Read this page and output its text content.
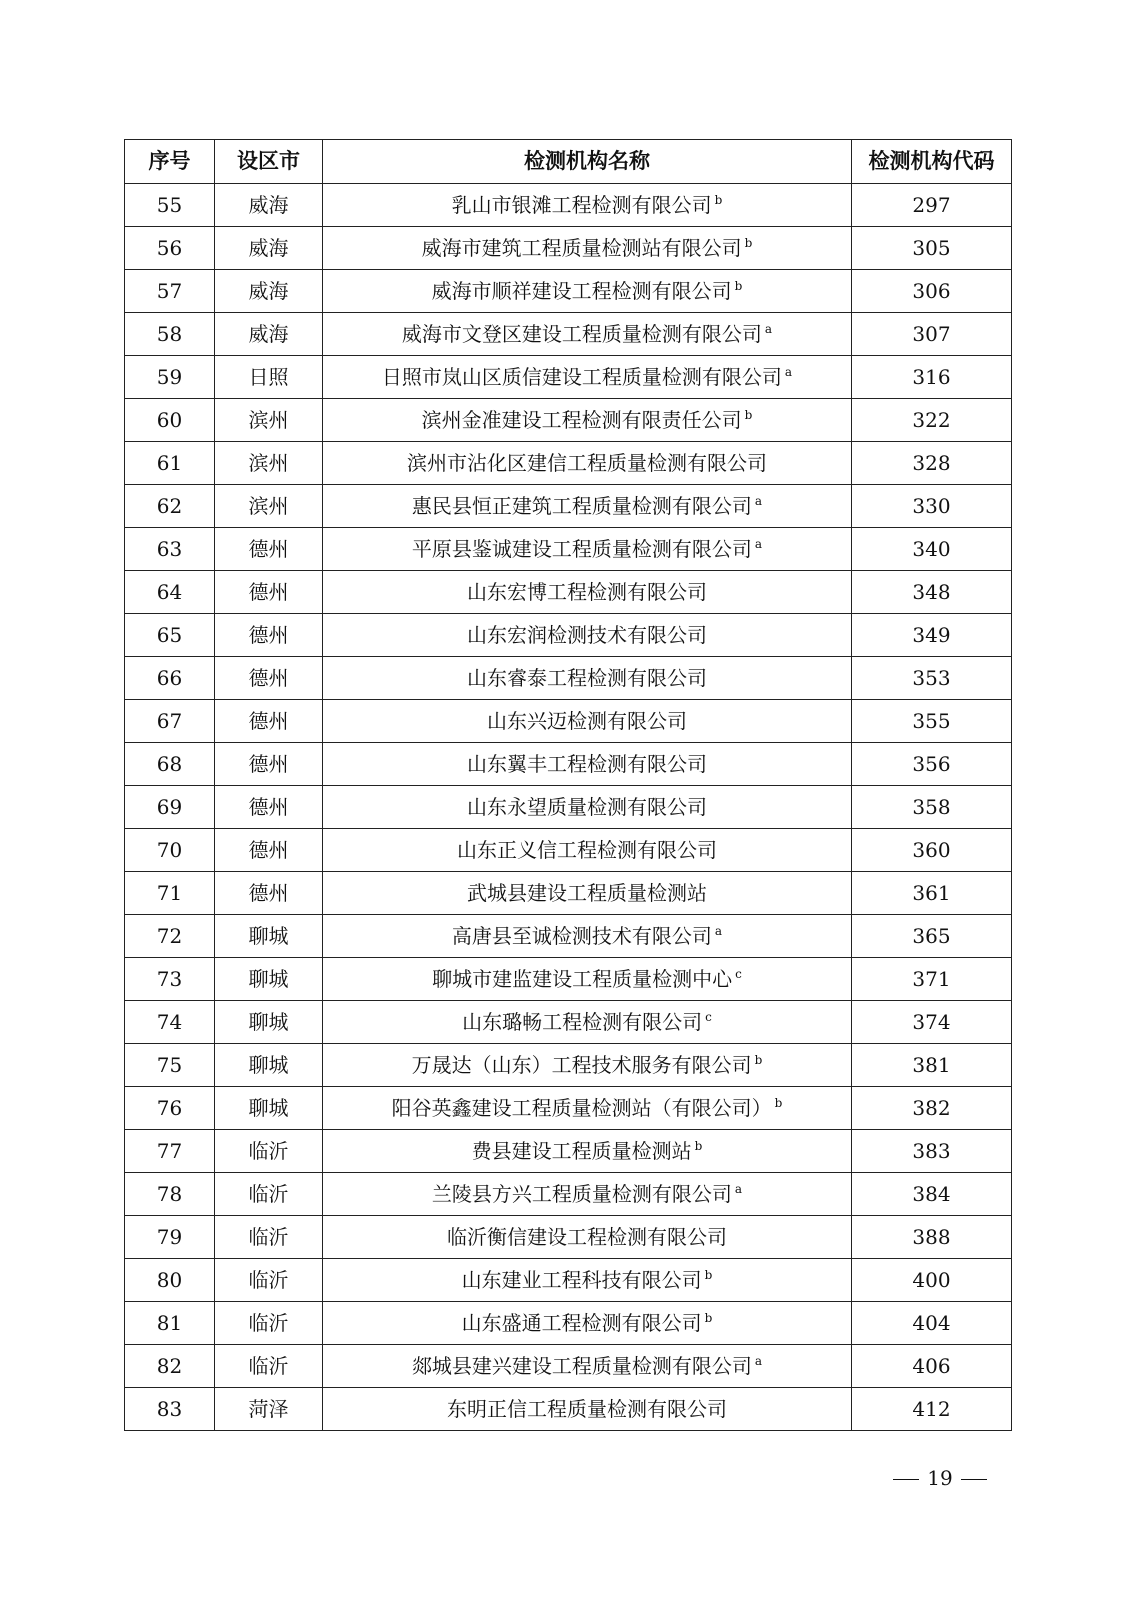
序号	设区市	检测机构名称	检测机构代码
55	威海	乳山市银滩工程检测有限公司 $^b$	297
56	威海	威海市建筑工程质量检测站有限公司 $^b$	305
57	威海	威海市顺祥建设工程检测有限公司 $^b$	306
58	威海	威海市文登区建设工程质量检测有限公司 $^a$	307
59	日照	日照市岚山区质信建设工程质量检测有限公司 $^a$	316
60	滨州	滨州金准建设工程检测有限责任公司 $^b$	322
61	滨州	滨州市沾化区建信工程质量检测有限公司	328
62	滨州	惠民县恒正建筑工程质量检测有限公司 $^a$	330
63	德州	平原县鉴诚建设工程质量检测有限公司 $^a$	340
64	德州	山东宏博工程检测有限公司	348
65	德州	山东宏润检测技术有限公司	349
66	德州	山东睿泰工程检测有限公司	353
67	德州	山东兴迈检测有限公司	355
68	德州	山东翼丰工程检测有限公司	356
69	德州	山东永望质量检测有限公司	358
70	德州	山东正义信工程检测有限公司	360
71	德州	武城县建设工程质量检测站	361
72	聊城	高唐县至诚检测技术有限公司 $^a$	365
73	聊城	聊城市建监建设工程质量检测中心 $^c$	371
74	聊城	山东璐畅工程检测有限公司 $^c$	374
75	聊城	万晟达（山东）工程技术服务有限公司 $^b$	381
76	聊城	阳谷英鑫建设工程质量检测站（有限公司） $^b$	382
77	临沂	费县建设工程质量检测站 $^b$	383
78	临沂	兰陵县方兴工程质量检测有限公司 $^a$	384
79	临沂	临沂衡信建设工程检测有限公司	388
80	临沂	山东建业工程科技有限公司 $^b$	400
81	临沂	山东盛通工程检测有限公司 $^b$	404
82	临沂	郯城县建兴建设工程质量检测有限公司 $^a$	406
83	菏泽	东明正信工程质量检测有限公司	412
19
